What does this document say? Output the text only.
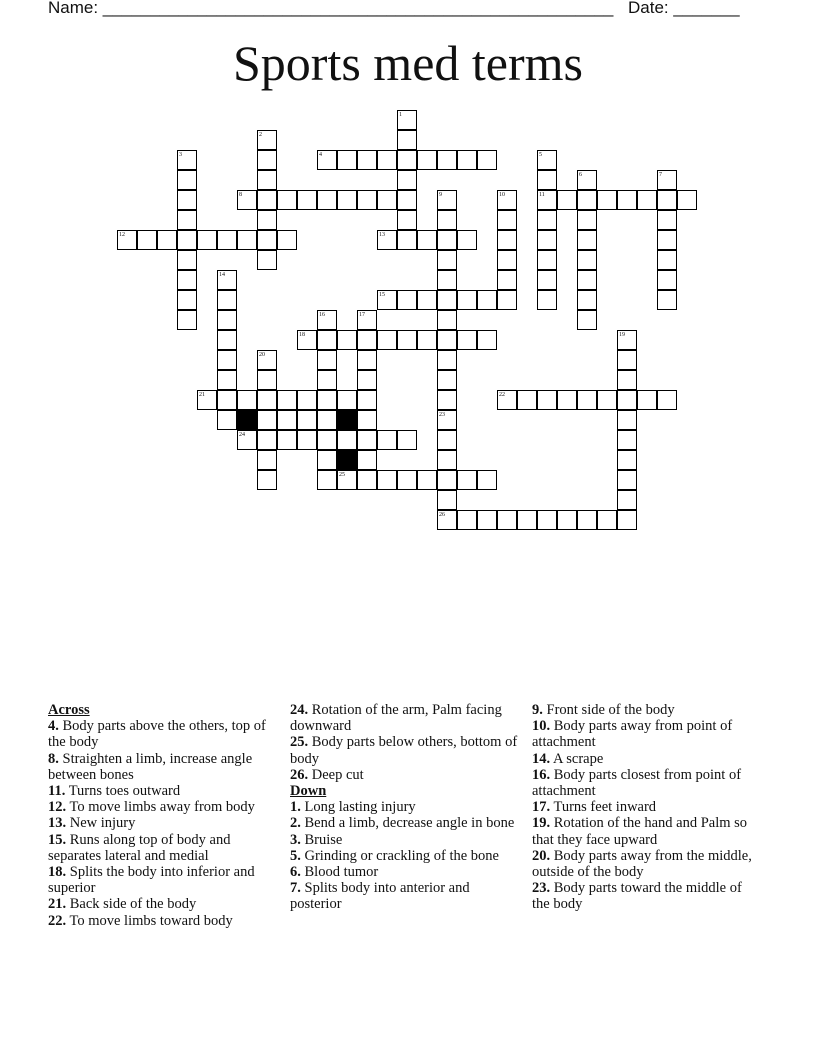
Name: ______________________________________________________ Date: _______
Sports med terms
1
2
3	4	5
6	7
8	9	10	11
12	13
14
15
16	17
18	19
20
21	22
23
24
25
26
Across
4. Body parts above the others, top of the body
8. Straighten a limb, increase angle between bones
11. Turns toes outward
12. To move limbs away from body
13. New injury
15. Runs along top of body and separates lateral and medial
18. Splits the body into inferior and superior
21. Back side of the body
22. To move limbs toward body
24. Rotation of the arm, Palm facing downward
25. Body parts below others, bottom of body
26. Deep cut
Down
1. Long lasting injury
2. Bend a limb, decrease angle in bone
3. Bruise
5. Grinding or crackling of the bone
6. Blood tumor
7. Splits body into anterior and posterior
9. Front side of the body
10. Body parts away from point of attachment
14. A scrape
16. Body parts closest from point of attachment
17. Turns feet inward
19. Rotation of the hand and Palm so that they face upward
20. Body parts away from the middle, outside of the body
23. Body parts toward the middle of the body
